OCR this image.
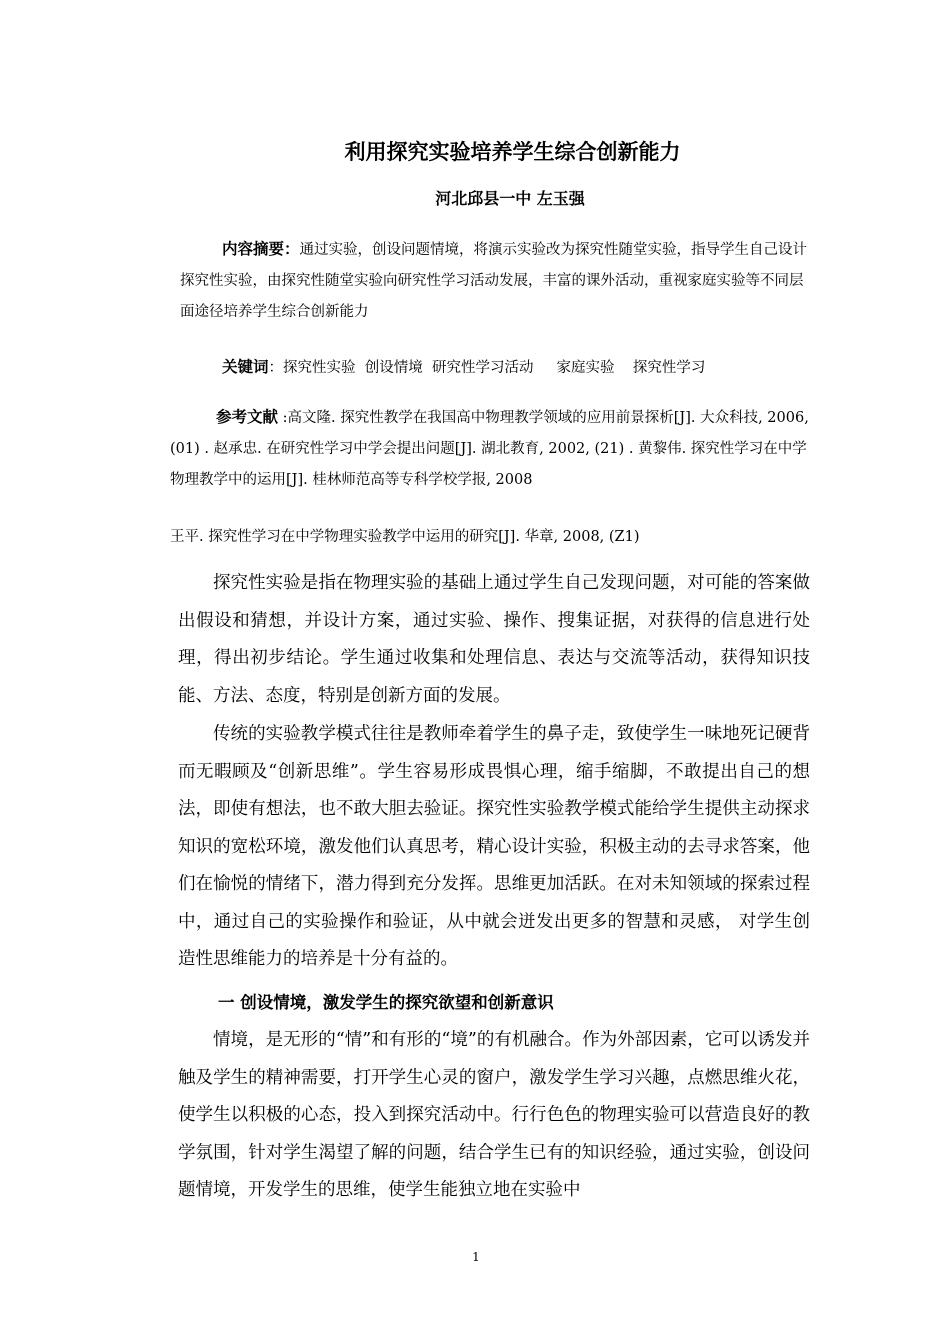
利用探究实验培养学生综合创新能力
河北邱县一中 左玉强
内容摘要：通过实验，创设问题情境，将演示实验改为探究性随堂实验，指导学生自己设计探究性实验，由探究性随堂实验向研究性学习活动发展，丰富的课外活动，重视家庭实验等不同层面途径培养学生综合创新能力
关键词：探究性实验  创设情境  研究性学习活动     家庭实验    探究性学习
参考文献 :高文隆. 探究性教学在我国高中物理教学领域的应用前景探析[J]. 大众科技, 2006, (01) . 赵承忠. 在研究性学习中学会提出问题[J]. 湖北教育, 2002, (21) . 黄黎伟. 探究性学习在中学物理教学中的运用[J]. 桂林师范高等专科学校学报, 2008
王平. 探究性学习在中学物理实验教学中运用的研究[J]. 华章, 2008, (Z1)
探究性实验是指在物理实验的基础上通过学生自己发现问题，对可能的答案做出假设和猜想，并设计方案，通过实验、操作、搜集证据，对获得的信息进行处理，得出初步结论。学生通过收集和处理信息、表达与交流等活动，获得知识技能、方法、态度，特别是创新方面的发展。
传统的实验教学模式往往是教师牵着学生的鼻子走，致使学生一味地死记硬背而无暇顾及“创新思维”。学生容易形成畏惧心理，缩手缩脚，不敢提出自己的想法，即使有想法，也不敢大胆去验证。探究性实验教学模式能给学生提供主动探求知识的宽松环境，激发他们认真思考，精心设计实验，积极主动的去寻求答案，他们在愉悦的情绪下，潜力得到充分发挥。思维更加活跃。在对未知领域的探索过程中，通过自己的实验操作和验证，从中就会迸发出更多的智慧和灵感， 对学生创造性思维能力的培养是十分有益的。
一 创设情境，激发学生的探究欲望和创新意识
情境，是无形的“情”和有形的“境”的有机融合。作为外部因素，它可以诱发并触及学生的精神需要，打开学生心灵的窗户，激发学生学习兴趣，点燃思维火花，使学生以积极的心态，投入到探究活动中。行行色色的物理实验可以营造良好的教学氛围，针对学生渴望了解的问题，结合学生已有的知识经验，通过实验，创设问题情境，开发学生的思维，使学生能独立地在实验中
1
